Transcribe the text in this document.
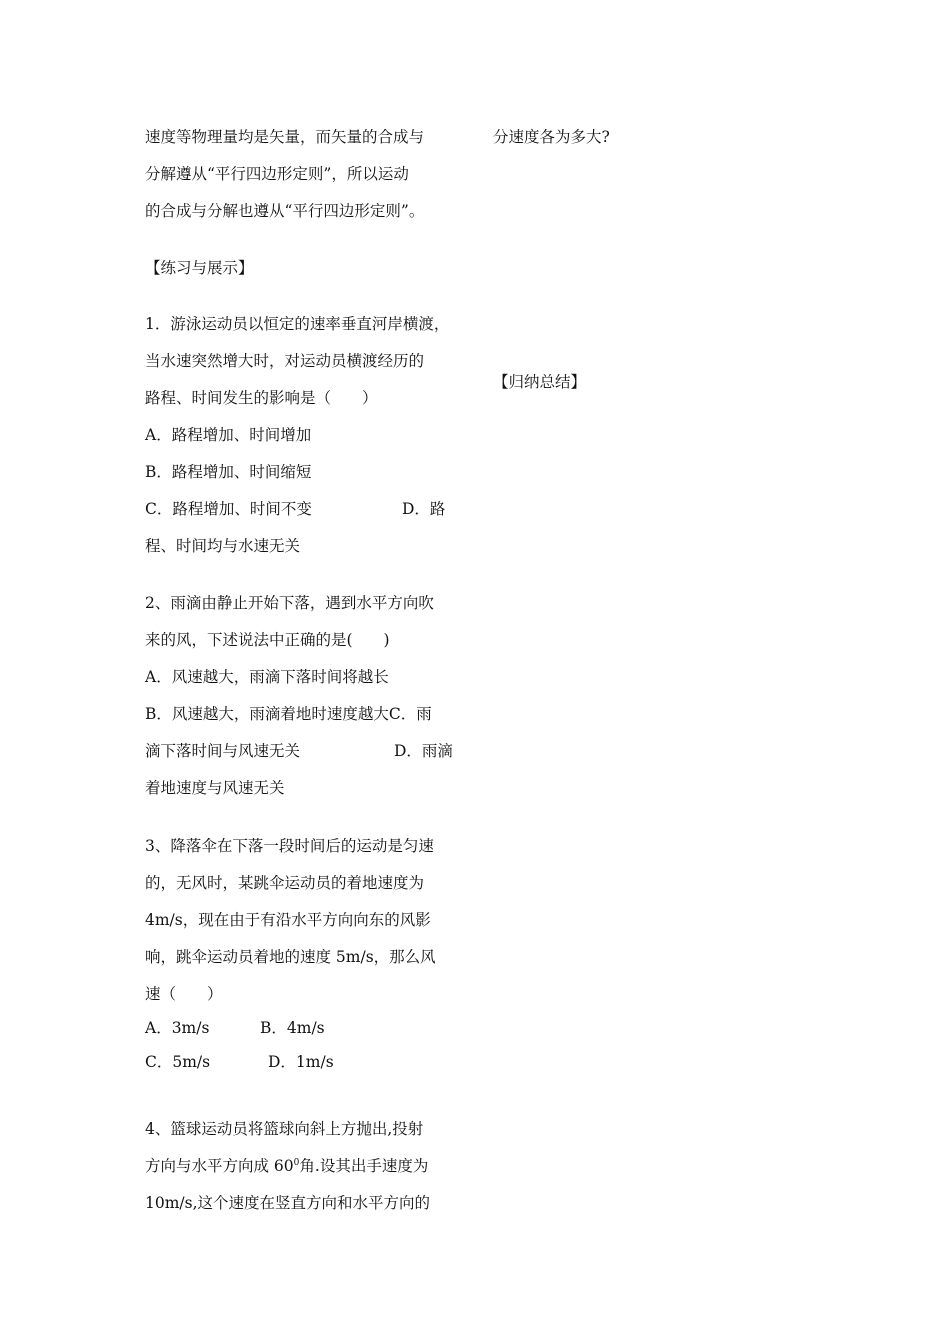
速度等物理量均是矢量，而矢量的合成与
分解遵从“平行四边形定则”，所以运动
的合成与分解也遵从“平行四边形定则”。
【练习与展示】
1．游泳运动员以恒定的速率垂直河岸横渡，
当水速突然增大时，对运动员横渡经历的
路程、时间发生的影响是（　　）
A．路程增加、时间增加
B．路程增加、时间缩短
C．路程增加、时间不变	D．路
程、时间均与水速无关
2、雨滴由静止开始下落，遇到水平方向吹
来的风，下述说法中正确的是(　　)
A．风速越大，雨滴下落时间将越长
B．风速越大，雨滴着地时速度越大C．雨
滴下落时间与风速无关	D．雨滴
着地速度与风速无关
3、降落伞在下落一段时间后的运动是匀速
的，无风时，某跳伞运动员的着地速度为
4m/s，现在由于有沿水平方向向东的风影
响，跳伞运动员着地的速度 5m/s，那么风
速（　　）
A．3m/s	B．4m/s
C．5m/s	D．1m/s
4、篮球运动员将篮球向斜上方抛出,投射
方向与水平方向成 $60^0$角.设其出手速度为
10m/s,这个速度在竖直方向和水平方向的
分速度各为多大?
【归纳总结】
